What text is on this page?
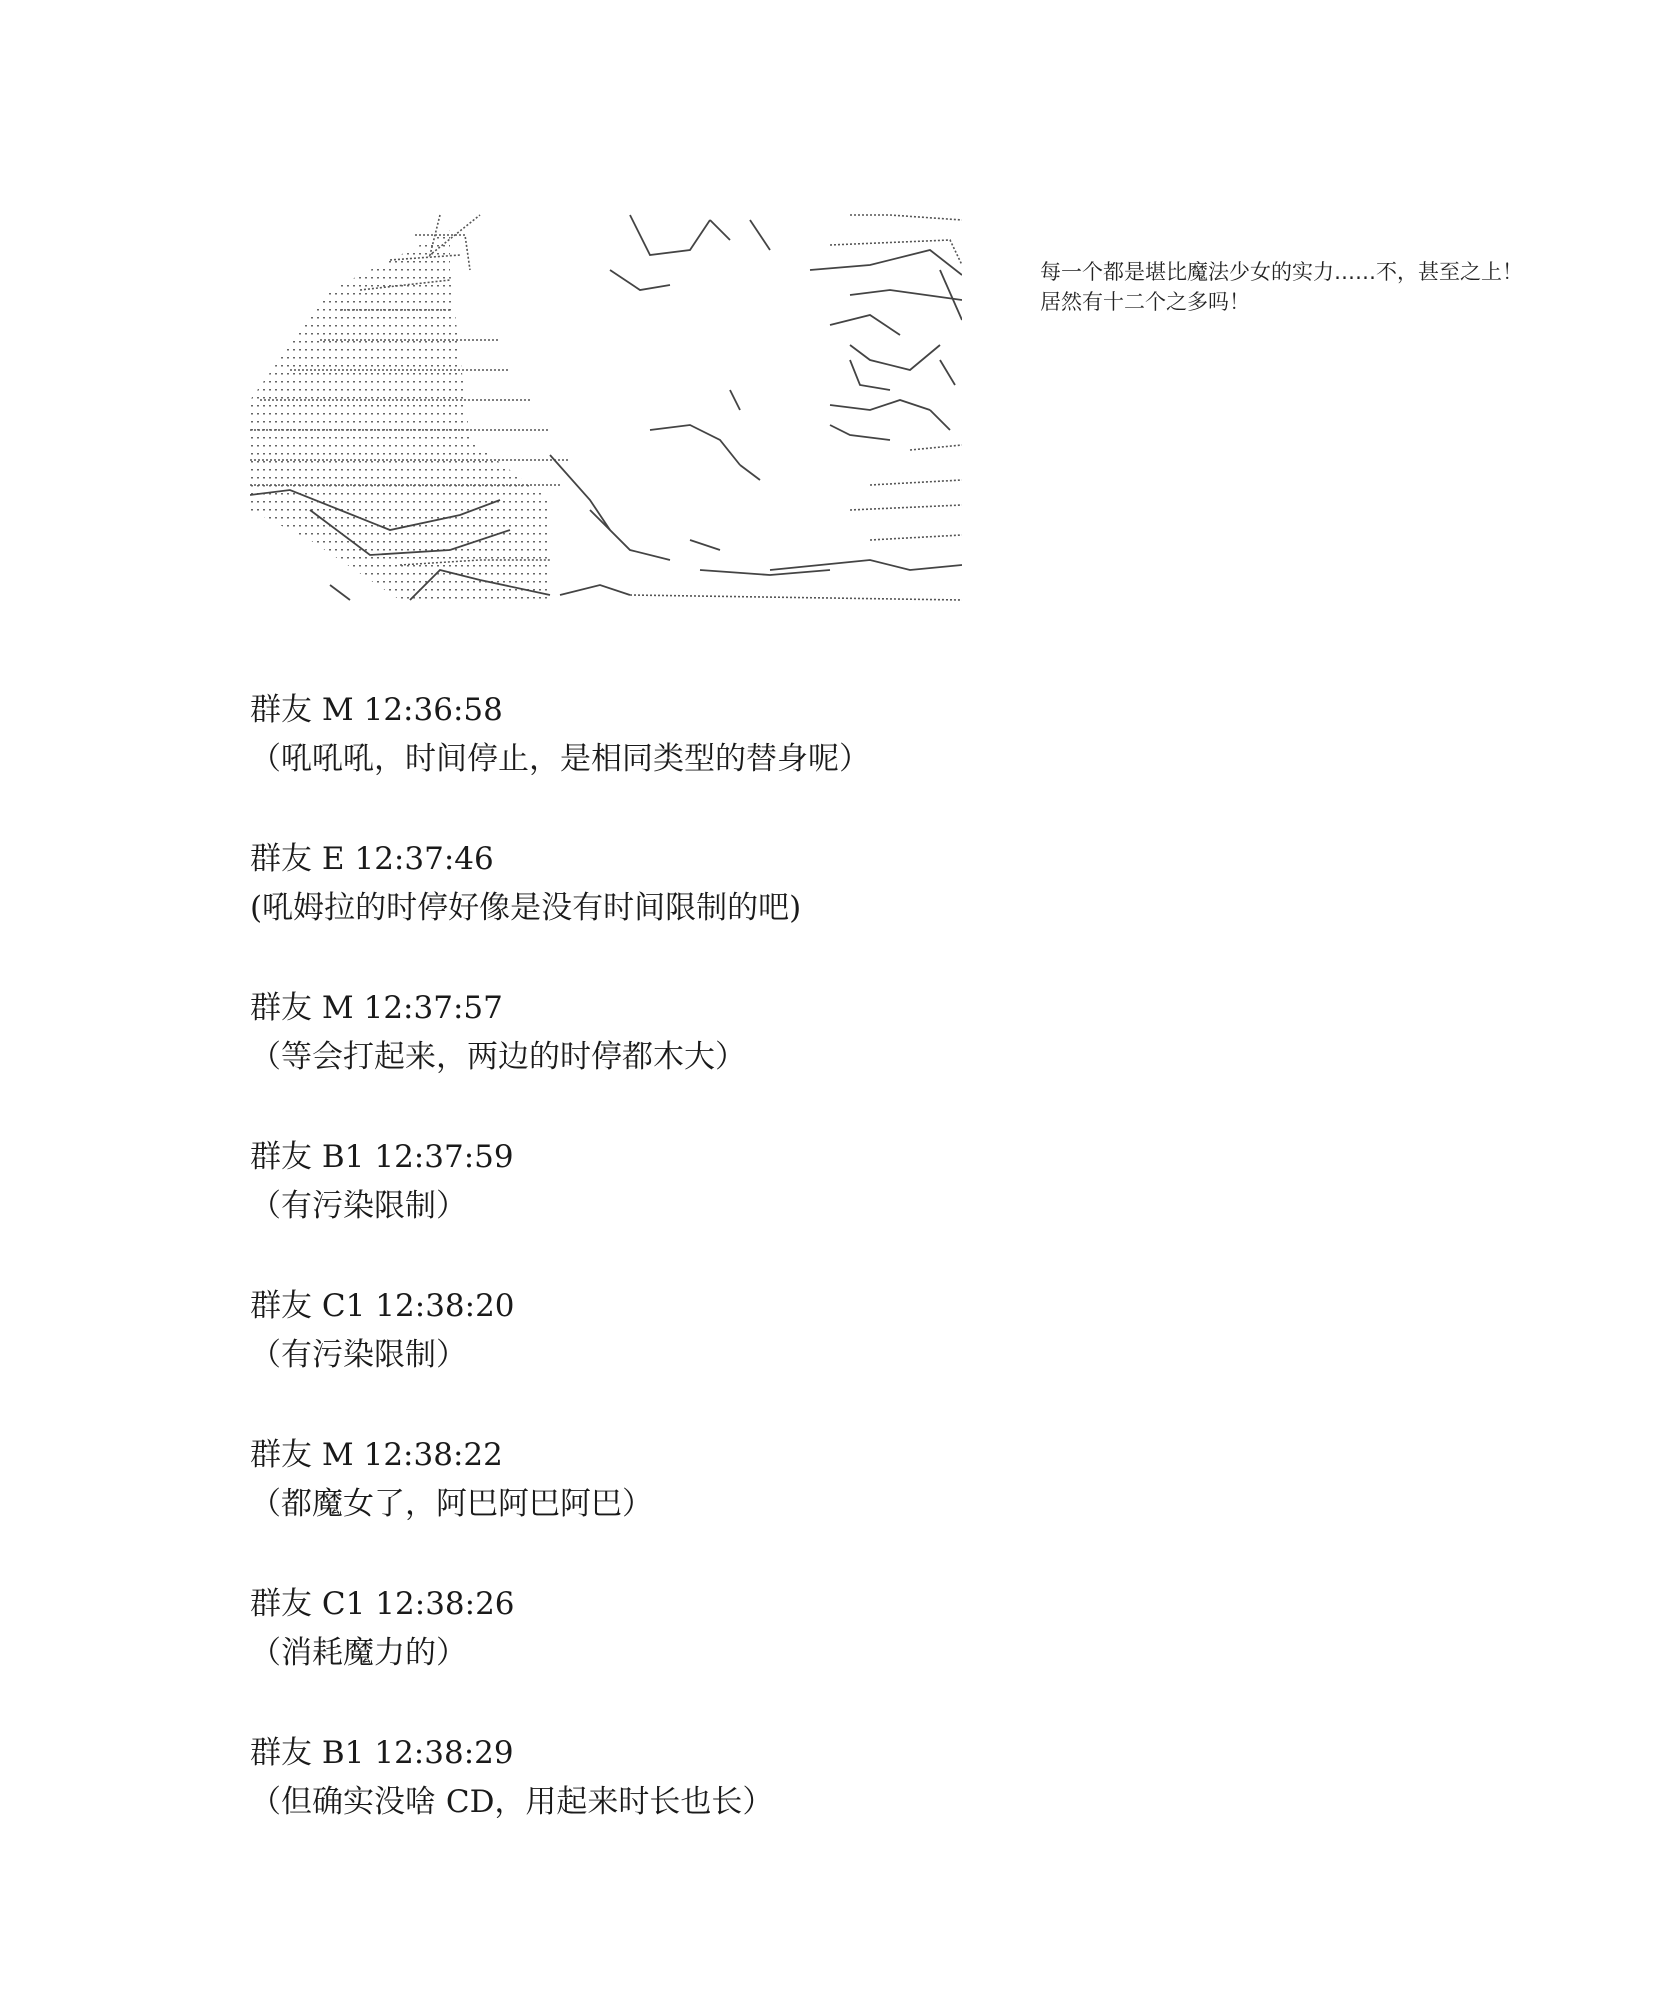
每一个都是堪比魔法少女的实力……不，甚至之上！
居然有十二个之多吗！
群友 M 12:36:58
（吼吼吼，时间停止，是相同类型的替身呢）
群友 E 12:37:46
(吼姆拉的时停好像是没有时间限制的吧)
群友 M 12:37:57
（等会打起来，两边的时停都木大）
群友 B1 12:37:59
（有污染限制）
群友 C1 12:38:20
（有污染限制）
群友 M 12:38:22
（都魔女了，阿巴阿巴阿巴）
群友 C1 12:38:26
（消耗魔力的）
群友 B1 12:38:29
（但确实没啥 CD，用起来时长也长）
